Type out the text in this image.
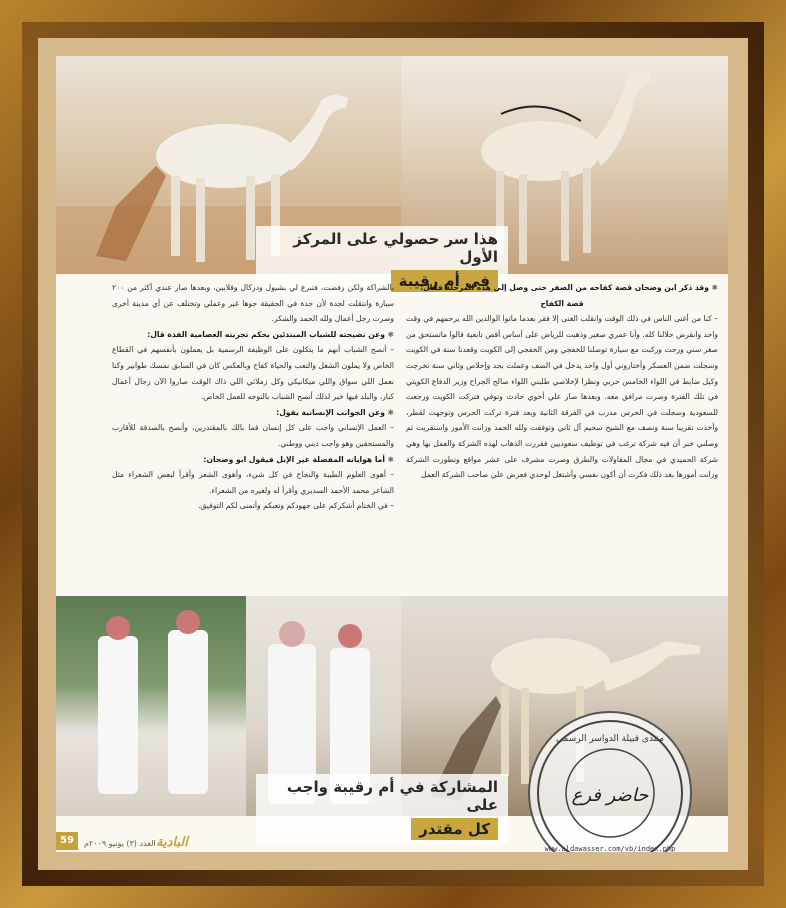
هذا سر حصولي على المركز الأول
في أم رقيبة	✱ وقد ذكر ابن وضحان قصة كفاحه من الصفر حتى وصل إلى هذه المرحلة فقال:

قصة الكفاح

– كنا من أغنى الناس في ذلك الوقت وانقلب الغنى إلا فقر بعدما ماتوا الوالدين الله يرحمهم في وقت واحد وانقرض حلالنا كله. وأنا عمري صغير وذهبت للرياض على أساس أقص تابعية قالوا ماتستحق من صغر سني ورحت وركبت مع سيارة توصلنا للخفجي ومن الخفجي إلى الكويت وقعدنا سنة في الكويت وسجلت ضمن العسكر وأختاروني أول واحد يدخل في الصف وعملت بجد وإخلاص وثاني سنة تخرجت وكيل ضابط في اللواء الخامس حربي ونظرا لإخلاصي طلبني اللواء صالح الجراح وزير الدفاع الكويتي في تلك الفترة وصرت مرافق معه. وبعدها صار علي أخوي حادث وتوفي فتركت الكويت ورجعت للسعودية وسجلت في الحرس مدرب في الفرقة الثانية وبعد فترة تركت الحرس وتوجهت لقطر، وأخذت تقريبا سنة ونصف مع الشيخ سحيم آل ثاني وتوفقت ولله الحمد وزانت الأمور واستقريت ثم وصلني خبر أن فيه شركة ترغب في توظيف سعوديين فقررت الذهاب لهذه الشركة والعمل بها وهي شركة الحميدي في مجال المقاولات والطرق وصرت مشرف على عشر مواقع وتطورت الشركة وزانت أمورها بعد ذلك فكرت أن أكون نفسي وأشتغل لوحدي فعرض علي صاحب الشركة العمل

بالشراكة ولكن رفضت، فتبرع لي بشيول ودركال وقلابين، وبعدها صار عندي أكثر من ٢٠٠ سيارة وانتقلت لجدة لأن جدة في الحقيقة جوها غير وعملي وتختلف عن أي مدينة أخرى وصرت رجل أعمال ولله الحمد والشكر.

✱ وعن نصيحته للشباب المبتدئين بحكم تجربته العصامية الفذة قال:

– أنصح الشباب أنهم ما يتكلون على الوظيفة الرسمية بل يعملون بأنفسهم في القطاع الخاص ولا يملون الشغل والتعب والحياة كفاح وبالعكس كان في السابق نمسك طوابير وكنا نعمل اللي سواق واللي ميكانيكي وكل زملائي اللي ذاك الوقت صاروا الآن رجال أعمال كبار، والبلد فيها خير لذلك أنصح الشباب بالتوجه للعمل الخاص.

✱ وعن الجوانب الإنسانية يقول:

– العمل الإنساني واجب على كل إنسان فما بالك بالمقتدرين، وأنصح بالصدقة للأقارب والمستحقين وهو واجب ديني ووطني.

✱ أما هواياته المفضلة غير الإبل فيقول ابو وضحان:

– أهوى العلوم الطيبة والنجاح في كل شيء، وأهوى الشعر وأقرأ لبعض الشعراء مثل الشاعر محمد الأحمد السديري وأقرأ له ولغيره من الشعراء.

– في الختام أشكركم على جهودكم وتعبكم وأتمنى لكم التوفيق.

المشاركة في أم رقيبة واجب على
كل مقتدر
منتدى قبيلة الدواسر الرسمي
حاضر فرع
www.aldawasser.com/vb/index.php
59	العدد (٣) يونيو ٢٠٠٩م البادية
